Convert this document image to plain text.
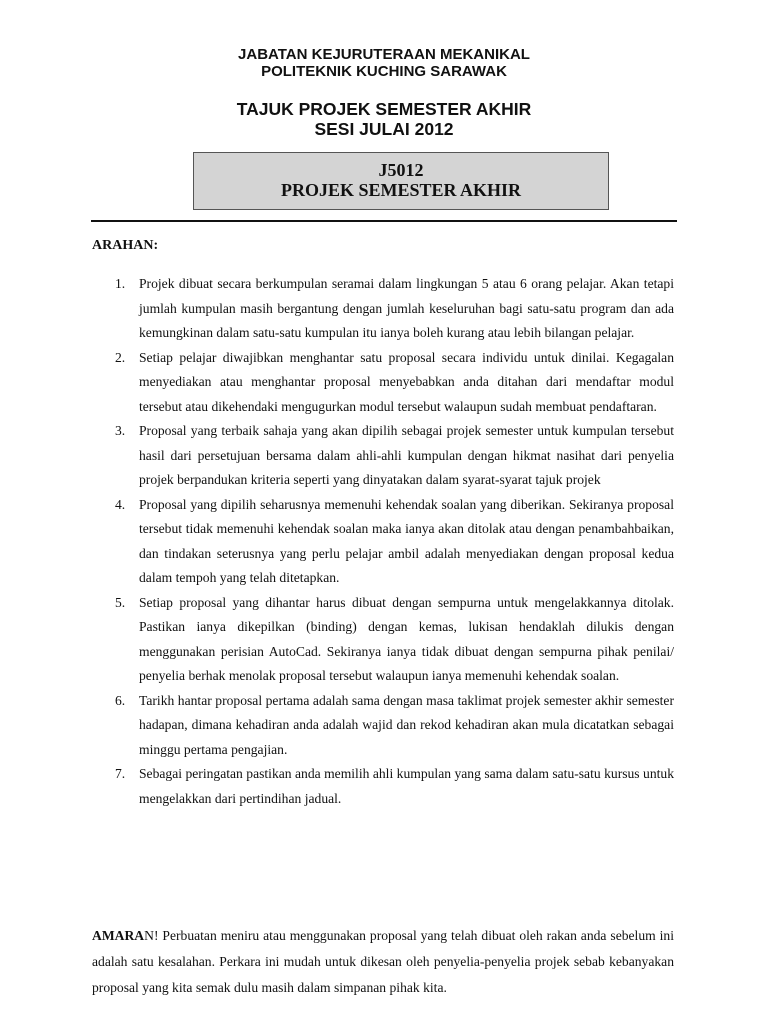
JABATAN KEJURUTERAAN MEKANIKAL
POLITEKNIK KUCHING SARAWAK
TAJUK PROJEK SEMESTER AKHIR
SESI JULAI 2012
J5012
PROJEK SEMESTER AKHIR
ARAHAN:
1. Projek dibuat secara berkumpulan seramai dalam lingkungan 5 atau 6 orang pelajar. Akan tetapi jumlah kumpulan masih bergantung dengan jumlah keseluruhan bagi satu-satu program dan ada kemungkinan dalam satu-satu kumpulan itu ianya boleh kurang atau lebih bilangan pelajar.
2. Setiap pelajar diwajibkan menghantar satu proposal secara individu untuk dinilai. Kegagalan menyediakan atau menghantar proposal menyebabkan anda ditahan dari mendaftar modul tersebut atau dikehendaki mengugurkan modul tersebut walaupun sudah membuat pendaftaran.
3. Proposal yang terbaik sahaja yang akan dipilih sebagai projek semester untuk kumpulan tersebut hasil dari persetujuan bersama dalam ahli-ahli kumpulan dengan hikmat nasihat dari penyelia projek berpandukan kriteria seperti yang dinyatakan dalam syarat-syarat tajuk projek
4. Proposal yang dipilih seharusnya memenuhi kehendak soalan yang diberikan. Sekiranya proposal tersebut tidak memenuhi kehendak soalan maka ianya akan ditolak atau dengan penambahbaikan, dan tindakan seterusnya yang perlu pelajar ambil adalah menyediakan dengan proposal kedua dalam tempoh yang telah ditetapkan.
5. Setiap proposal yang dihantar harus dibuat dengan sempurna untuk mengelakkannya ditolak. Pastikan ianya dikepilkan (binding) dengan kemas, lukisan hendaklah dilukis dengan menggunakan perisian AutoCad. Sekiranya ianya tidak dibuat dengan sempurna pihak penilai/ penyelia berhak menolak proposal tersebut walaupun ianya memenuhi kehendak soalan.
6. Tarikh hantar proposal pertama adalah sama dengan masa taklimat projek semester akhir semester hadapan, dimana kehadiran anda adalah wajid dan rekod kehadiran akan mula dicatatkan sebagai minggu pertama pengajian.
7. Sebagai peringatan pastikan anda memilih ahli kumpulan yang sama dalam satu-satu kursus untuk mengelakkan dari pertindihan jadual.
AMARAN! Perbuatan meniru atau menggunakan proposal yang telah dibuat oleh rakan anda sebelum ini adalah satu kesalahan. Perkara ini mudah untuk dikesan oleh penyelia-penyelia projek sebab kebanyakan proposal yang kita semak dulu masih dalam simpanan pihak kita.
